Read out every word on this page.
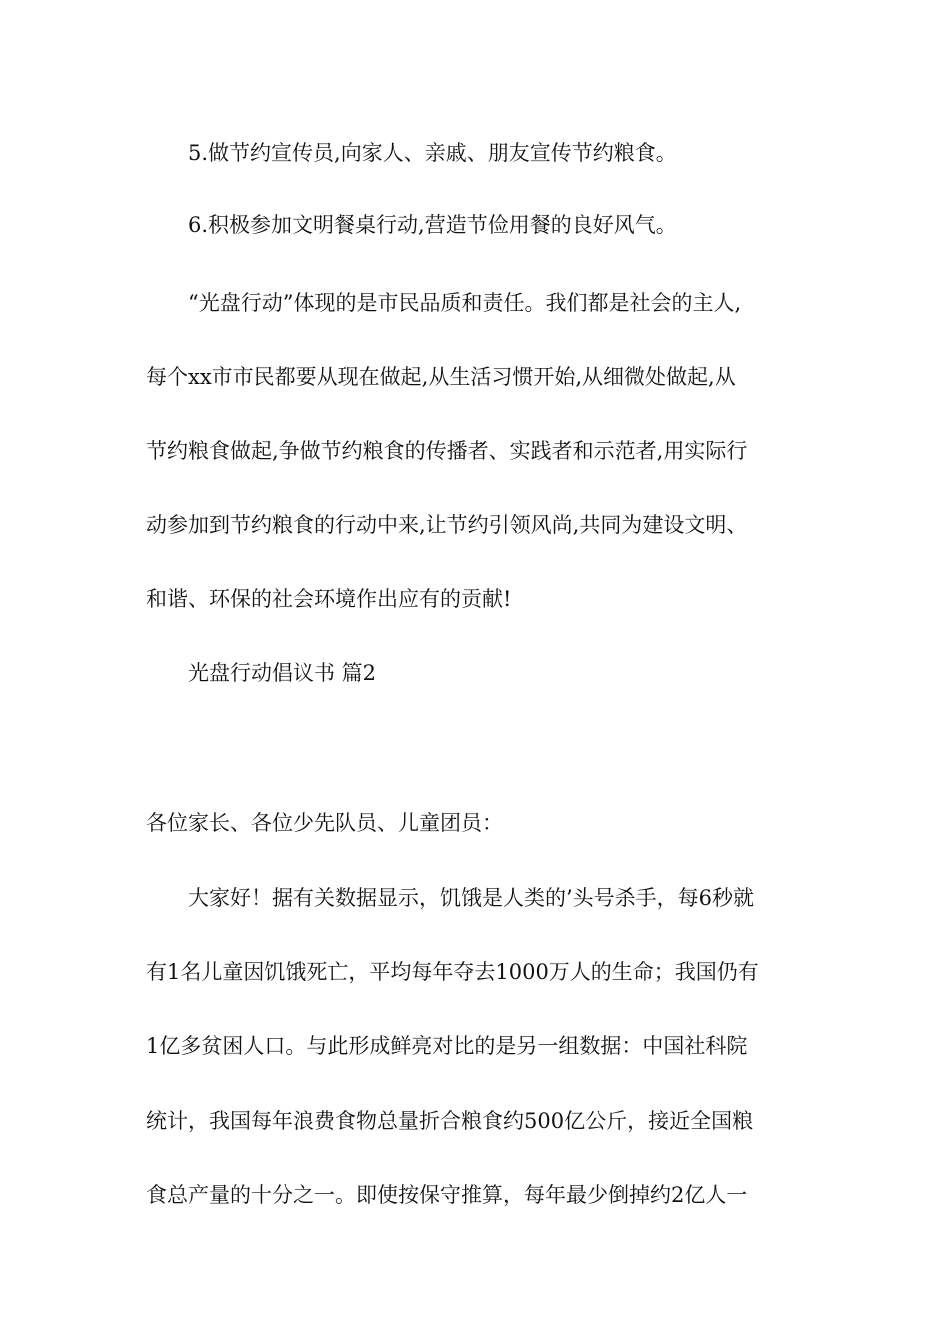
5.做节约宣传员,向家人、亲戚、朋友宣传节约粮食。
6.积极参加文明餐桌行动,营造节俭用餐的良好风气。
“光盘行动”体现的是市民品质和责任。我们都是社会的主人,
每个xx市市民都要从现在做起,从生活习惯开始,从细微处做起,从
节约粮食做起,争做节约粮食的传播者、实践者和示范者,用实际行
动参加到节约粮食的行动中来,让节约引领风尚,共同为建设文明、
和谐、环保的社会环境作出应有的贡献!
光盘行动倡议书 篇2
各位家长、各位少先队员、儿童团员：
大家好！据有关数据显示，饥饿是人类的’头号杀手，每6秒就
有1名儿童因饥饿死亡，平均每年夺去1000万人的生命；我国仍有
1亿多贫困人口。与此形成鲜亮对比的是另一组数据：中国社科院
统计，我国每年浪费食物总量折合粮食约500亿公斤，接近全国粮
食总产量的十分之一。即使按保守推算，每年最少倒掉约2亿人一
